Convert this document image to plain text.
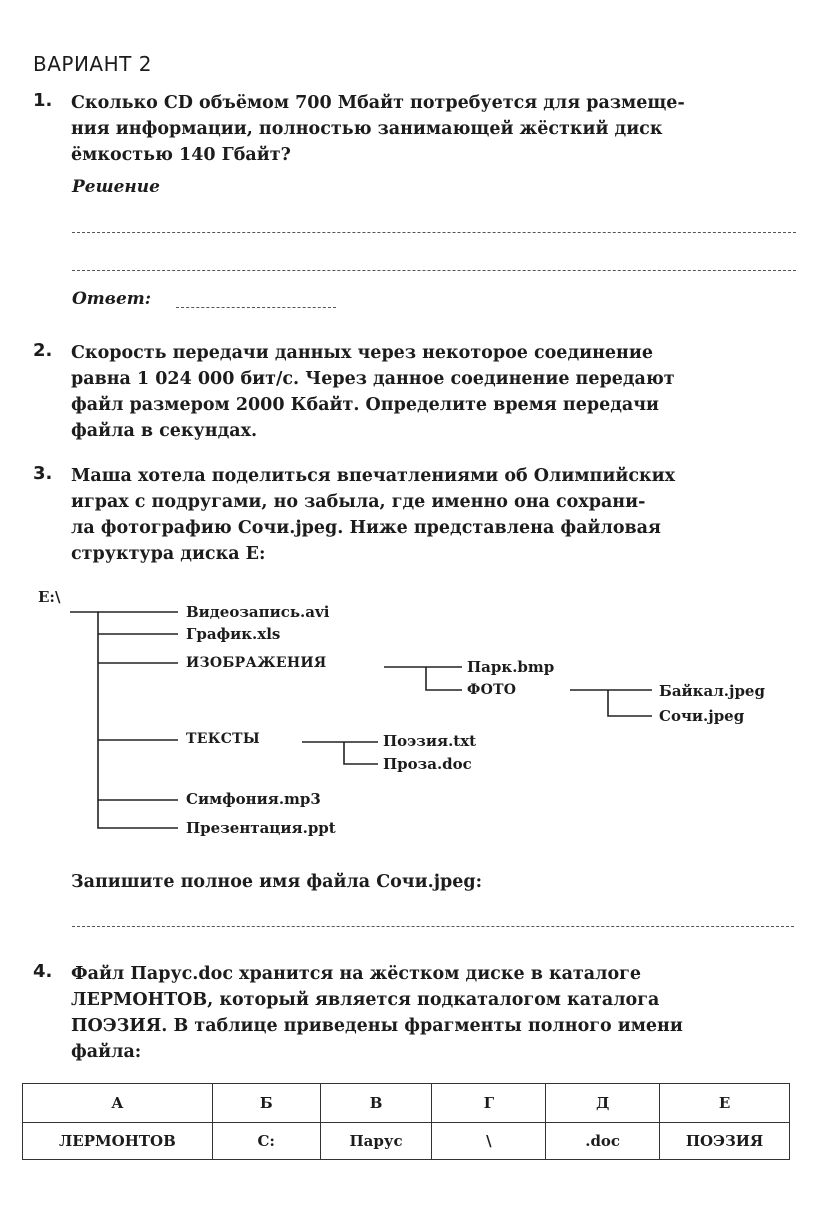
ВАРИАНТ 2
1. Сколько CD объёмом 700 Мбайт потребуется для размеще-
ния информации, полностью занимающей жёсткий диск
ёмкостью 140 Гбайт?
Решение
Ответ:
2. Скорость передачи данных через некоторое соединение
равна 1 024 000 бит/с. Через данное соединение передают
файл размером 2000 Кбайт. Определите время передачи
файла в секундах.
3. Маша хотела поделиться впечатлениями об Олимпийских
играх с подругами, но забыла, где именно она сохрани-
ла фотографию Сочи.jpeg. Ниже представлена файловая
структура диска E:
E:\
Видеозапись.avi
График.xls
ИЗОБРАЖЕНИЯ	Парк.bmp
ФОТО	Байкал.jpeg
Сочи.jpeg
ТЕКСТЫ	Поэзия.txt
Проза.doc
Симфония.mp3
Презентация.ppt
Запишите полное имя файла Сочи.jpeg:
4. Файл Парус.doc хранится на жёстком диске в каталоге
ЛЕРМОНТОВ, который является подкаталогом каталога
ПОЭЗИЯ. В таблице приведены фрагменты полного имени
файла:
А	Б	В	Г	Д	Е
ЛЕРМОНТОВ	C:	Парус	\	.doc	ПОЭЗИЯ
